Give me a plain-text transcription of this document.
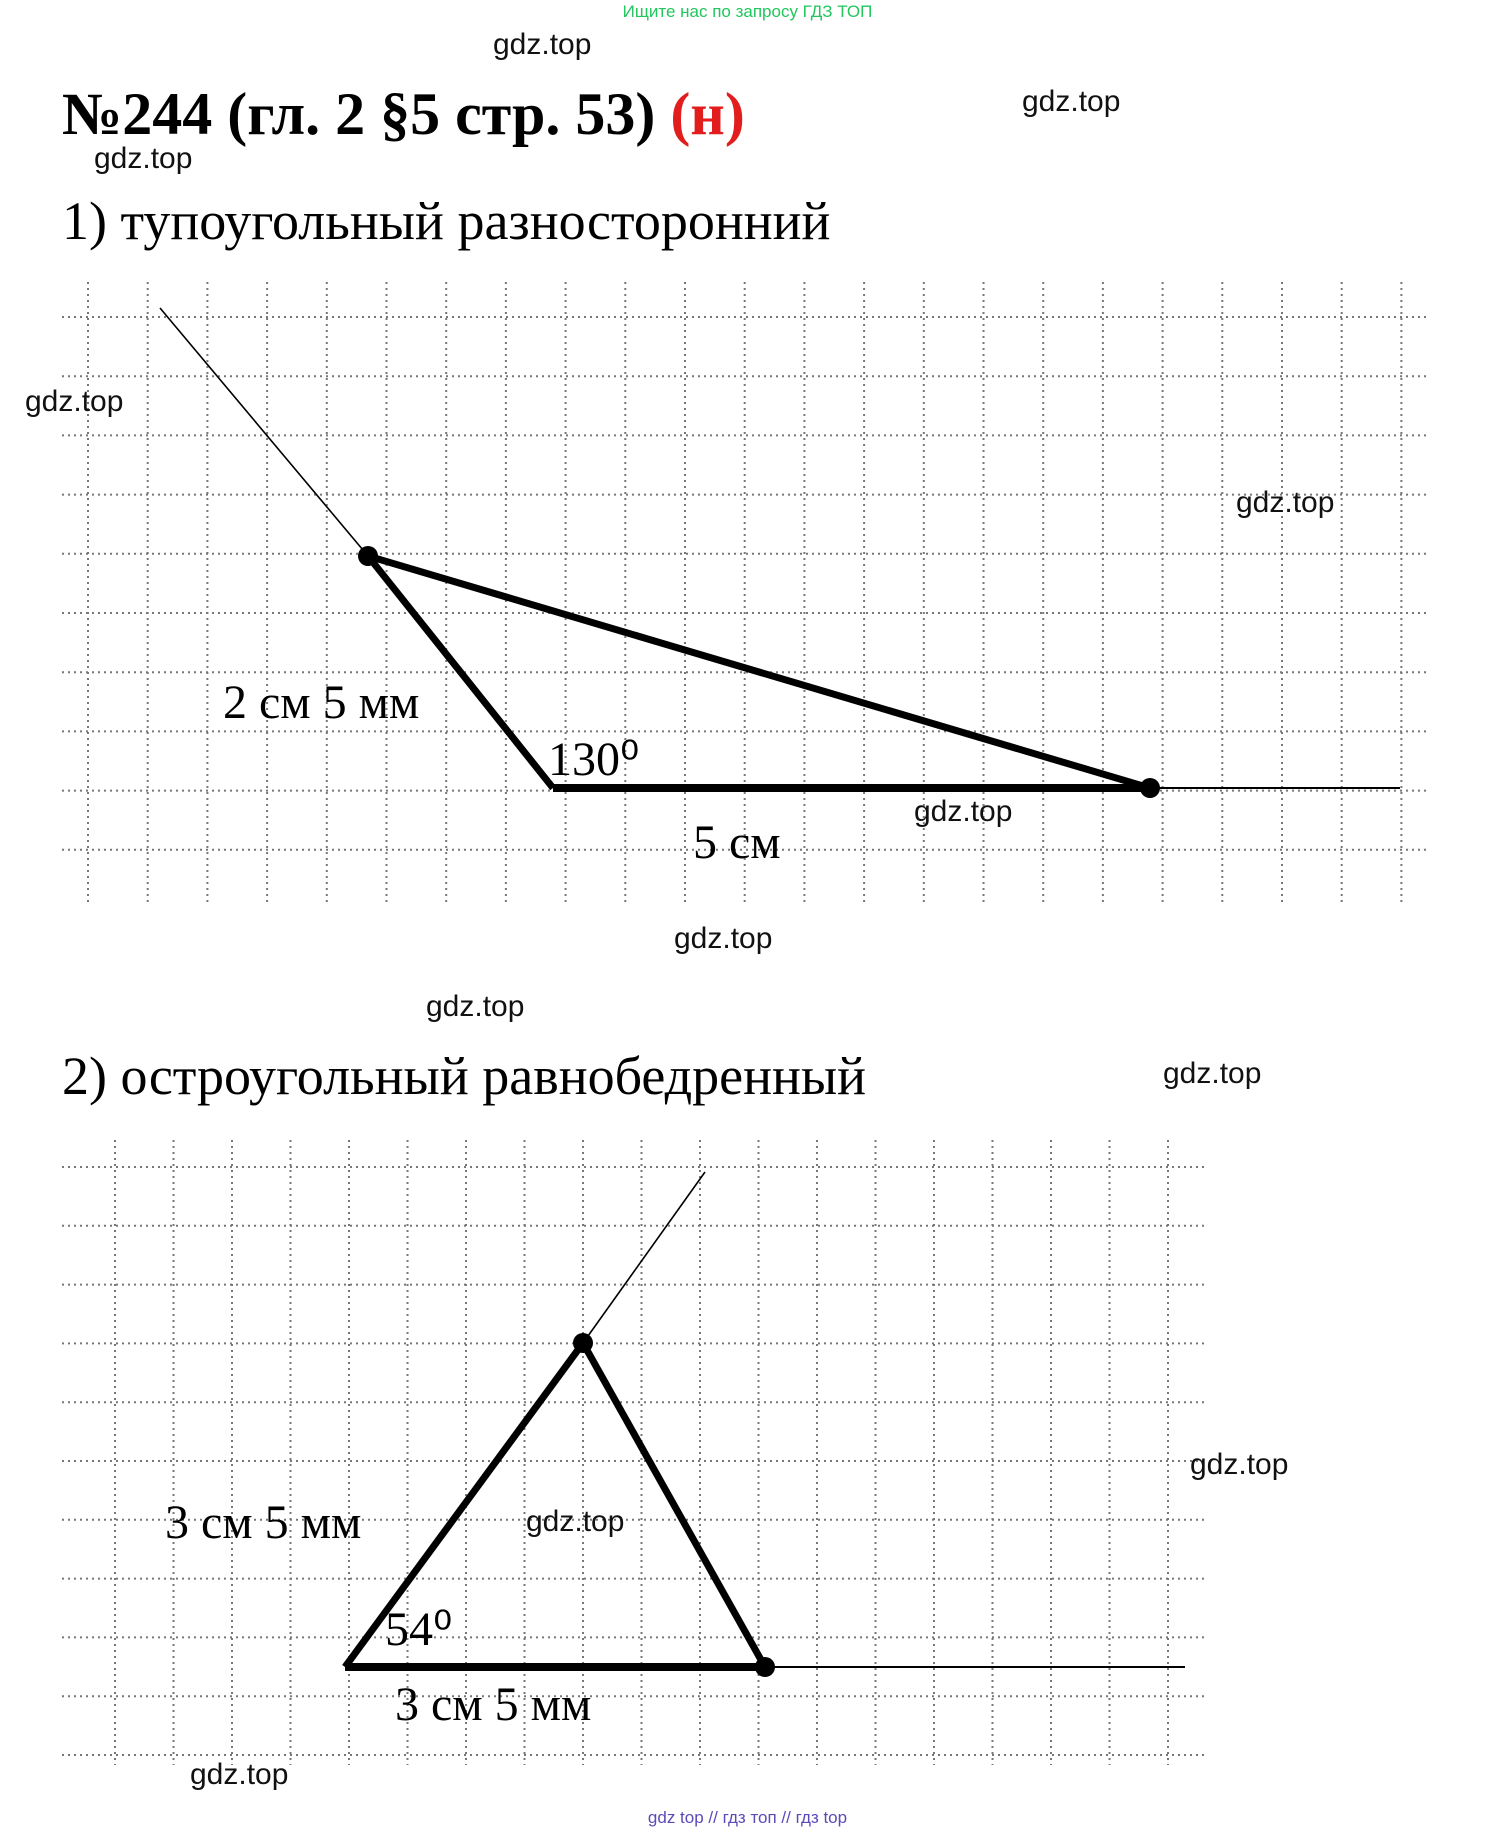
Ищите нас по запросу ГДЗ ТОП
№244 (гл. 2 §5 стр. 53) (н)
1) тупоугольный разносторонний
2) остроугольный равнобедренный
2 см 5 мм
130⁰
5 см
3 см 5 мм
54⁰
3 см 5 мм
gdz.top
gdz.top
gdz.top
gdz.top
gdz.top
gdz.top
gdz.top
gdz.top
gdz.top
gdz.top
gdz.top
gdz.top
gdz top // гдз топ // гдз top
